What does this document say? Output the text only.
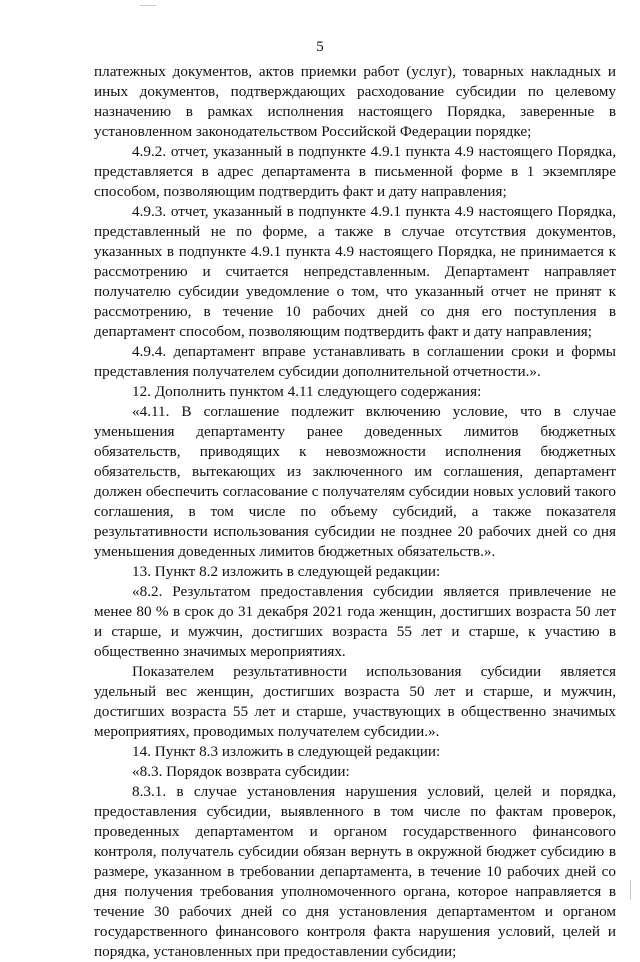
5

платежных документов, актов приемки работ (услуг), товарных накладных и иных документов, подтверждающих расходование субсидии по целевому назначению в рамках исполнения настоящего Порядка, заверенные в установленном законодательством Российской Федерации порядке;

4.9.2. отчет, указанный в подпункте 4.9.1 пункта 4.9 настоящего Порядка, представляется в адрес департамента в письменной форме в 1 экземпляре способом, позволяющим подтвердить факт и дату направления;

4.9.3. отчет, указанный в подпункте 4.9.1 пункта 4.9 настоящего Порядка, представленный не по форме, а также в случае отсутствия документов, указанных в подпункте 4.9.1 пункта 4.9 настоящего Порядка, не принимается к рассмотрению и считается непредставленным. Департамент направляет получателю субсидии уведомление о том, что указанный отчет не принят к рассмотрению, в течение 10 рабочих дней со дня его поступления в департамент способом, позволяющим подтвердить факт и дату направления;

4.9.4. департамент вправе устанавливать в соглашении сроки и формы представления получателем субсидии дополнительной отчетности.».

12. Дополнить пунктом 4.11 следующего содержания:

«4.11. В соглашение подлежит включению условие, что в случае уменьшения департаменту ранее доведенных лимитов бюджетных обязательств, приводящих к невозможности исполнения бюджетных обязательств, вытекающих из заключенного им соглашения, департамент должен обеспечить согласование с получателям субсидии новых условий такого соглашения, в том числе по объему субсидий, а также показателя результативности использования субсидии не позднее 20 рабочих дней со дня уменьшения доведенных лимитов бюджетных обязательств.».

13. Пункт 8.2 изложить в следующей редакции:

«8.2. Результатом предоставления субсидии является привлечение не менее 80 % в срок до 31 декабря 2021 года женщин, достигших возраста 50 лет и старше, и мужчин, достигших возраста 55 лет и старше, к участию в общественно значимых мероприятиях.

Показателем результативности использования субсидии является удельный вес женщин, достигших возраста 50 лет и старше, и мужчин, достигших возраста 55 лет и старше, участвующих в общественно значимых мероприятиях, проводимых получателем субсидии.».

14. Пункт 8.3 изложить в следующей редакции:

«8.3. Порядок возврата субсидии:

8.3.1. в случае установления нарушения условий, целей и порядка, предоставления субсидии, выявленного в том числе по фактам проверок, проведенных департаментом и органом государственного финансового контроля, получатель субсидии обязан вернуть в окружной бюджет субсидию в размере, указанном в требовании департамента, в течение 10 рабочих дней со дня получения требования уполномоченного органа, которое направляется в течение 30 рабочих дней со дня установления департаментом и органом государственного финансового контроля факта нарушения условий, целей и порядка, установленных при предоставлении субсидии;
